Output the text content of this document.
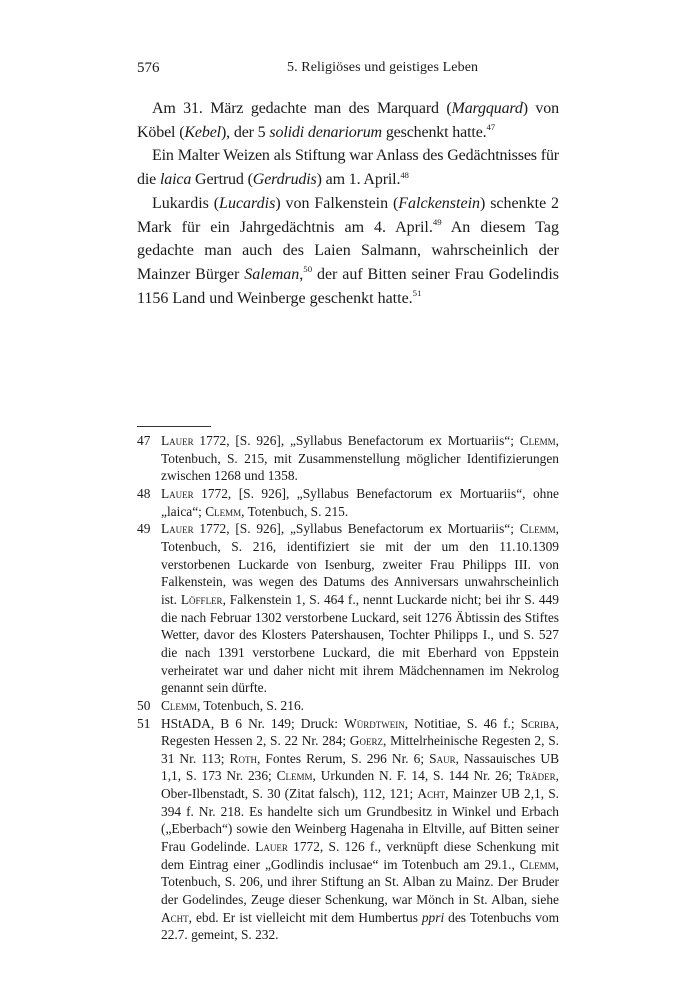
576	5. Religiöses und geistiges Leben

Am 31. März gedachte man des Marquard (Margquard) von Köbel (Kebel), der 5 solidi denariorum geschenkt hatte.$^{47}$

Ein Malter Weizen als Stiftung war Anlass des Gedächtnisses für die laica Gertrud (Gerdrudis) am 1. April.$^{48}$

Lukardis (Lucardis) von Falkenstein (Falckenstein) schenkte 2 Mark für ein Jahrgedächtnis am 4. April.$^{49}$ An diesem Tag gedachte man auch des Laien Salmann, wahrscheinlich der Mainzer Bürger Saleman,$^{50}$ der auf Bitten seiner Frau Godelindis 1156 Land und Weinberge geschenkt hatte.$^{51}$

47 Lauer 1772, [S. 926], „Syllabus Benefactorum ex Mortuariis“; Clemm, Totenbuch, S. 215, mit Zusammenstellung möglicher Identifizierungen zwischen 1268 und 1358.
48 Lauer 1772, [S. 926], „Syllabus Benefactorum ex Mortuariis“, ohne „laica“; Clemm, Totenbuch, S. 215.
49 Lauer 1772, [S. 926], „Syllabus Benefactorum ex Mortuariis“; Clemm, Totenbuch, S. 216, identifiziert sie mit der um den 11.10.1309 verstorbenen Luckarde von Isenburg, zweiter Frau Philipps III. von Falkenstein, was wegen des Datums des Anniversars unwahrscheinlich ist. Löffler, Falkenstein 1, S. 464 f., nennt Luckarde nicht; bei ihr S. 449 die nach Februar 1302 verstorbene Luckard, seit 1276 Äbtissin des Stiftes Wetter, davor des Klosters Patershausen, Tochter Philipps I., und S. 527 die nach 1391 verstorbene Luckard, die mit Eberhard von Eppstein verheiratet war und daher nicht mit ihrem Mädchennamen im Nekrolog genannt sein dürfte.
50 Clemm, Totenbuch, S. 216.
51 HStADA, B 6 Nr. 149; Druck: Würdtwein, Notitiae, S. 46 f.; Scriba, Regesten Hessen 2, S. 22 Nr. 284; Goerz, Mittelrheinische Regesten 2, S. 31 Nr. 113; Roth, Fontes Rerum, S. 296 Nr. 6; Saur, Nassauisches UB 1,1, S. 173 Nr. 236; Clemm, Urkunden N. F. 14, S. 144 Nr. 26; Träder, Ober-Ilbenstadt, S. 30 (Zitat falsch), 112, 121; Acht, Mainzer UB 2,1, S. 394 f. Nr. 218. Es handelte sich um Grundbesitz in Winkel und Erbach („Eberbach“) sowie den Weinberg Hagenaha in Eltville, auf Bitten seiner Frau Godelinde. Lauer 1772, S. 126 f., verknüpft diese Schenkung mit dem Eintrag einer „Godlindis inclusae“ im Totenbuch am 29.1., Clemm, Totenbuch, S. 206, und ihrer Stiftung an St. Alban zu Mainz. Der Bruder der Godelindes, Zeuge dieser Schenkung, war Mönch in St. Alban, siehe Acht, ebd. Er ist vielleicht mit dem Humbertus ppri des Totenbuchs vom 22.7. gemeint, S. 232.
